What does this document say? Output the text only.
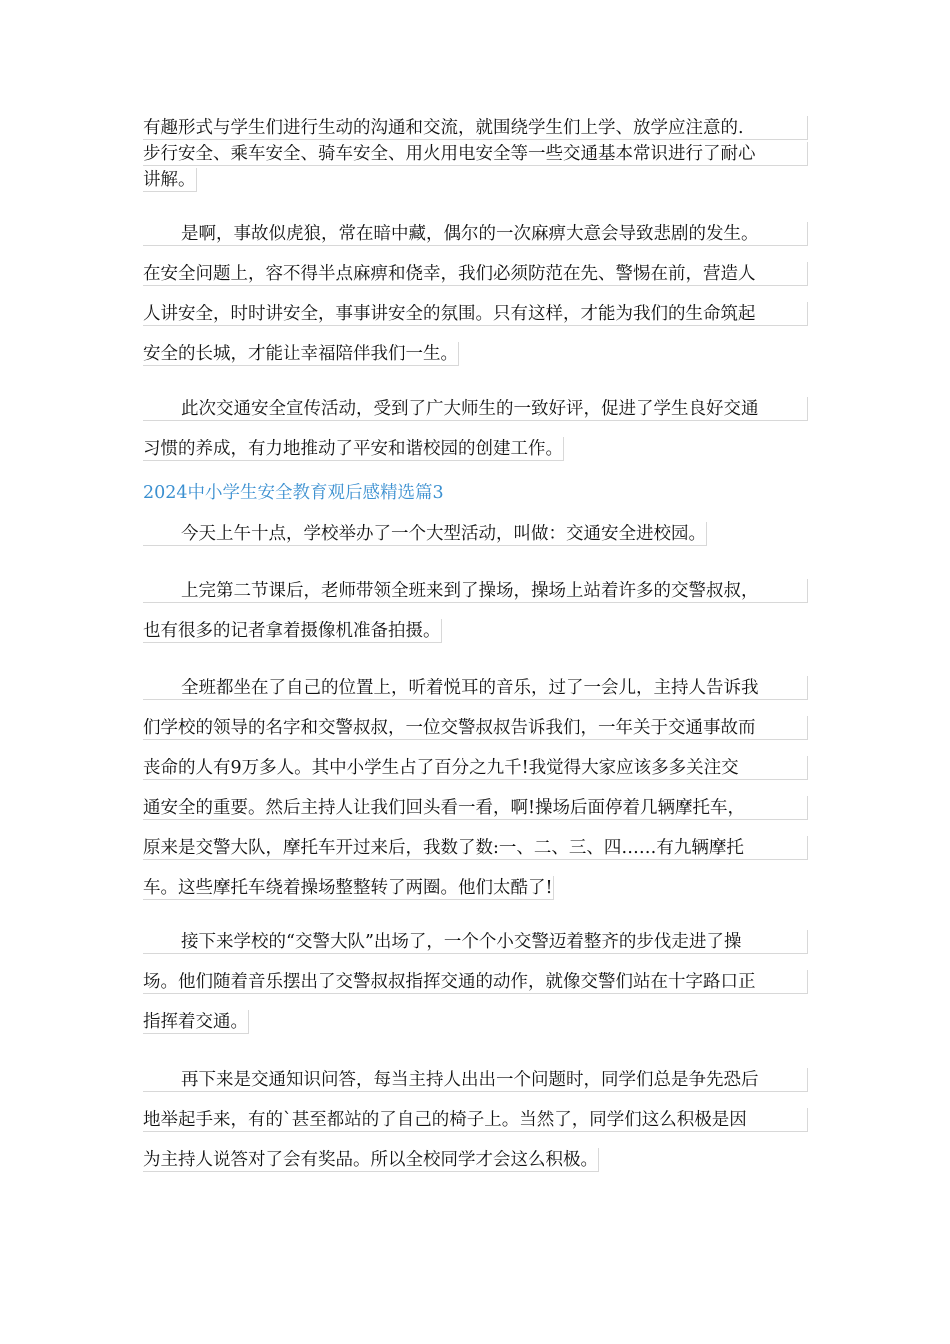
有趣形式与学生们进行生动的沟通和交流，就围绕学生们上学、放学应注意的.
步行安全、乘车安全、骑车安全、用火用电安全等一些交通基本常识进行了耐心
讲解。
是啊，事故似虎狼，常在暗中藏，偶尔的一次麻痹大意会导致悲剧的发生。
在安全问题上，容不得半点麻痹和侥幸，我们必须防范在先、警惕在前，营造人
人讲安全，时时讲安全，事事讲安全的氛围。只有这样，才能为我们的生命筑起
安全的长城，才能让幸福陪伴我们一生。
此次交通安全宣传活动，受到了广大师生的一致好评，促进了学生良好交通
习惯的养成，有力地推动了平安和谐校园的创建工作。
2024中小学生安全教育观后感精选篇3
今天上午十点，学校举办了一个大型活动，叫做：交通安全进校园。
上完第二节课后，老师带领全班来到了操场，操场上站着许多的交警叔叔，
也有很多的记者拿着摄像机准备拍摄。
全班都坐在了自己的位置上，听着悦耳的音乐，过了一会儿，主持人告诉我
们学校的领导的名字和交警叔叔，一位交警叔叔告诉我们，一年关于交通事故而
丧命的人有9万多人。其中小学生占了百分之九千!我觉得大家应该多多关注交
通安全的重要。然后主持人让我们回头看一看，啊!操场后面停着几辆摩托车，
原来是交警大队，摩托车开过来后，我数了数:一、二、三、四……有九辆摩托
车。这些摩托车绕着操场整整转了两圈。他们太酷了!
接下来学校的“交警大队”出场了，一个个小交警迈着整齐的步伐走进了操
场。他们随着音乐摆出了交警叔叔指挥交通的动作，就像交警们站在十字路口正
指挥着交通。
再下来是交通知识问答，每当主持人出出一个问题时，同学们总是争先恐后
地举起手来，有的`甚至都站的了自己的椅子上。当然了，同学们这么积极是因
为主持人说答对了会有奖品。所以全校同学才会这么积极。
